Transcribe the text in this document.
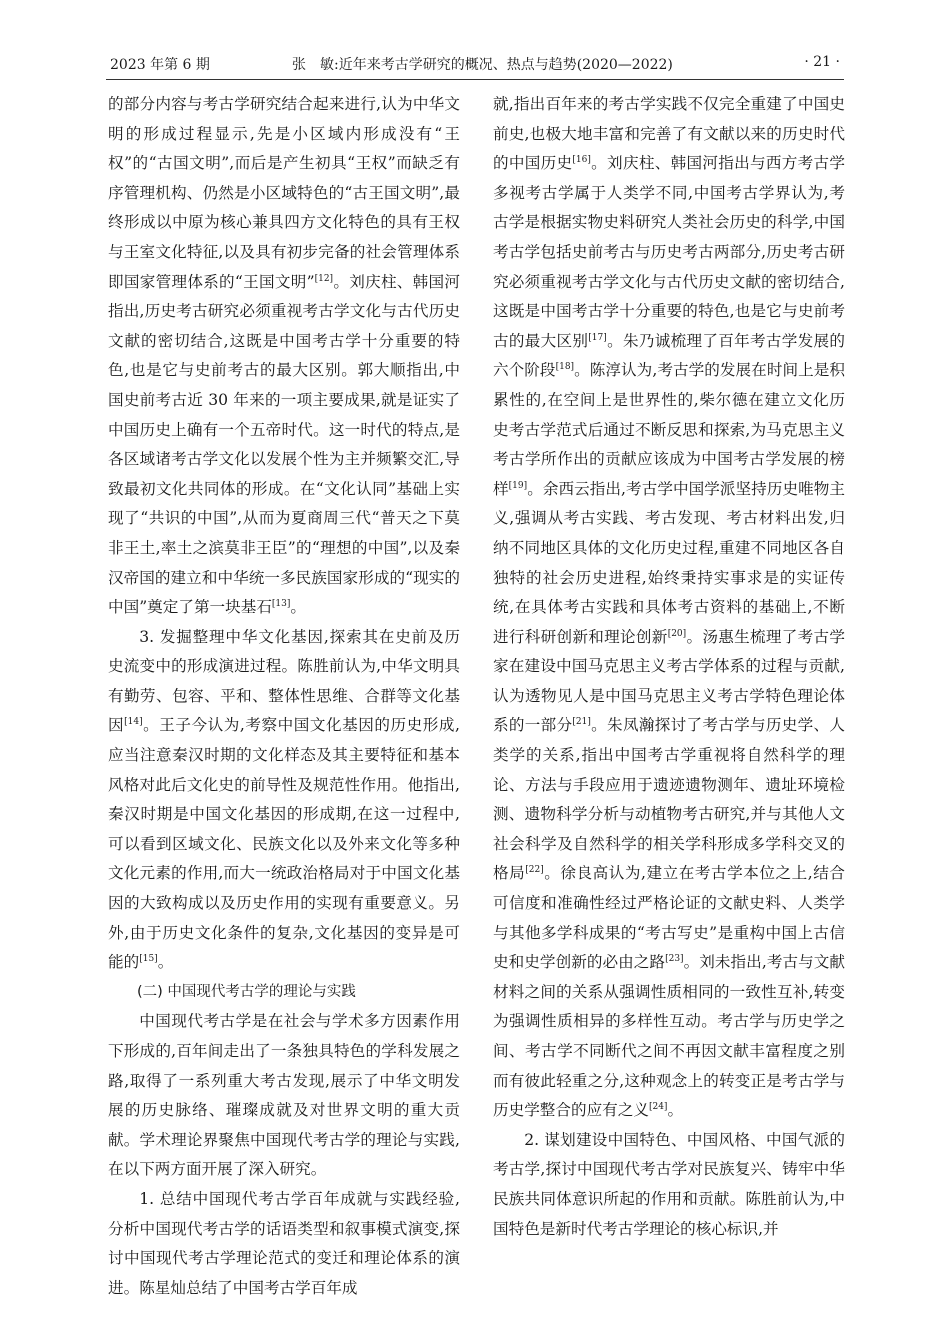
2023 年第 6 期	张　敏:近年来考古学研究的概况、热点与趋势(2020—2022)	· 21 ·

的部分内容与考古学研究结合起来进行,认为中华文明的形成过程显示,先是小区域内形成没有“王权”的“古国文明”,而后是产生初具“王权”而缺乏有序管理机构、仍然是小区域特色的“古王国文明”,最终形成以中原为核心兼具四方文化特色的具有王权与王室文化特征,以及具有初步完备的社会管理体系即国家管理体系的“王国文明”[12]。刘庆柱、韩国河指出,历史考古研究必须重视考古学文化与古代历史文献的密切结合,这既是中国考古学十分重要的特色,也是它与史前考古的最大区别。郭大顺指出,中国史前考古近 30 年来的一项主要成果,就是证实了中国历史上确有一个五帝时代。这一时代的特点,是各区域诸考古学文化以发展个性为主并频繁交汇,导致最初文化共同体的形成。在“文化认同”基础上实现了“共识的中国”,从而为夏商周三代“普天之下莫非王土,率土之滨莫非王臣”的“理想的中国”,以及秦汉帝国的建立和中华统一多民族国家形成的“现实的中国”奠定了第一块基石[13]。

3. 发掘整理中华文化基因,探索其在史前及历史流变中的形成演进过程。陈胜前认为,中华文明具有勤劳、包容、平和、整体性思维、合群等文化基因[14]。王子今认为,考察中国文化基因的历史形成,应当注意秦汉时期的文化样态及其主要特征和基本风格对此后文化史的前导性及规范性作用。他指出,秦汉时期是中国文化基因的形成期,在这一过程中,可以看到区域文化、民族文化以及外来文化等多种文化元素的作用,而大一统政治格局对于中国文化基因的大致构成以及历史作用的实现有重要意义。另外,由于历史文化条件的复杂,文化基因的变异是可能的[15]。

(二) 中国现代考古学的理论与实践

中国现代考古学是在社会与学术多方因素作用下形成的,百年间走出了一条独具特色的学科发展之路,取得了一系列重大考古发现,展示了中华文明发展的历史脉络、璀璨成就及对世界文明的重大贡献。学术理论界聚焦中国现代考古学的理论与实践,在以下两方面开展了深入研究。

1. 总结中国现代考古学百年成就与实践经验,分析中国现代考古学的话语类型和叙事模式演变,探讨中国现代考古学理论范式的变迁和理论体系的演进。陈星灿总结了中国考古学百年成

就,指出百年来的考古学实践不仅完全重建了中国史前史,也极大地丰富和完善了有文献以来的历史时代的中国历史[16]。刘庆柱、韩国河指出与西方考古学多视考古学属于人类学不同,中国考古学界认为,考古学是根据实物史料研究人类社会历史的科学,中国考古学包括史前考古与历史考古两部分,历史考古研究必须重视考古学文化与古代历史文献的密切结合,这既是中国考古学十分重要的特色,也是它与史前考古的最大区别[17]。朱乃诚梳理了百年考古学发展的六个阶段[18]。陈淳认为,考古学的发展在时间上是积累性的,在空间上是世界性的,柴尔德在建立文化历史考古学范式后通过不断反思和探索,为马克思主义考古学所作出的贡献应该成为中国考古学发展的榜样[19]。余西云指出,考古学中国学派坚持历史唯物主义,强调从考古实践、考古发现、考古材料出发,归纳不同地区具体的文化历史过程,重建不同地区各自独特的社会历史进程,始终秉持实事求是的实证传统,在具体考古实践和具体考古资料的基础上,不断进行科研创新和理论创新[20]。汤惠生梳理了考古学家在建设中国马克思主义考古学体系的过程与贡献,认为透物见人是中国马克思主义考古学特色理论体系的一部分[21]。朱凤瀚探讨了考古学与历史学、人类学的关系,指出中国考古学重视将自然科学的理论、方法与手段应用于遗迹遗物测年、遗址环境检测、遗物科学分析与动植物考古研究,并与其他人文社会科学及自然科学的相关学科形成多学科交叉的格局[22]。徐良高认为,建立在考古学本位之上,结合可信度和准确性经过严格论证的文献史料、人类学与其他多学科成果的“考古写史”是重构中国上古信史和史学创新的必由之路[23]。刘未指出,考古与文献材料之间的关系从强调性质相同的一致性互补,转变为强调性质相异的多样性互动。考古学与历史学之间、考古学不同断代之间不再因文献丰富程度之别而有彼此轻重之分,这种观念上的转变正是考古学与历史学整合的应有之义[24]。

2. 谋划建设中国特色、中国风格、中国气派的考古学,探讨中国现代考古学对民族复兴、铸牢中华民族共同体意识所起的作用和贡献。陈胜前认为,中国特色是新时代考古学理论的核心标识,并
